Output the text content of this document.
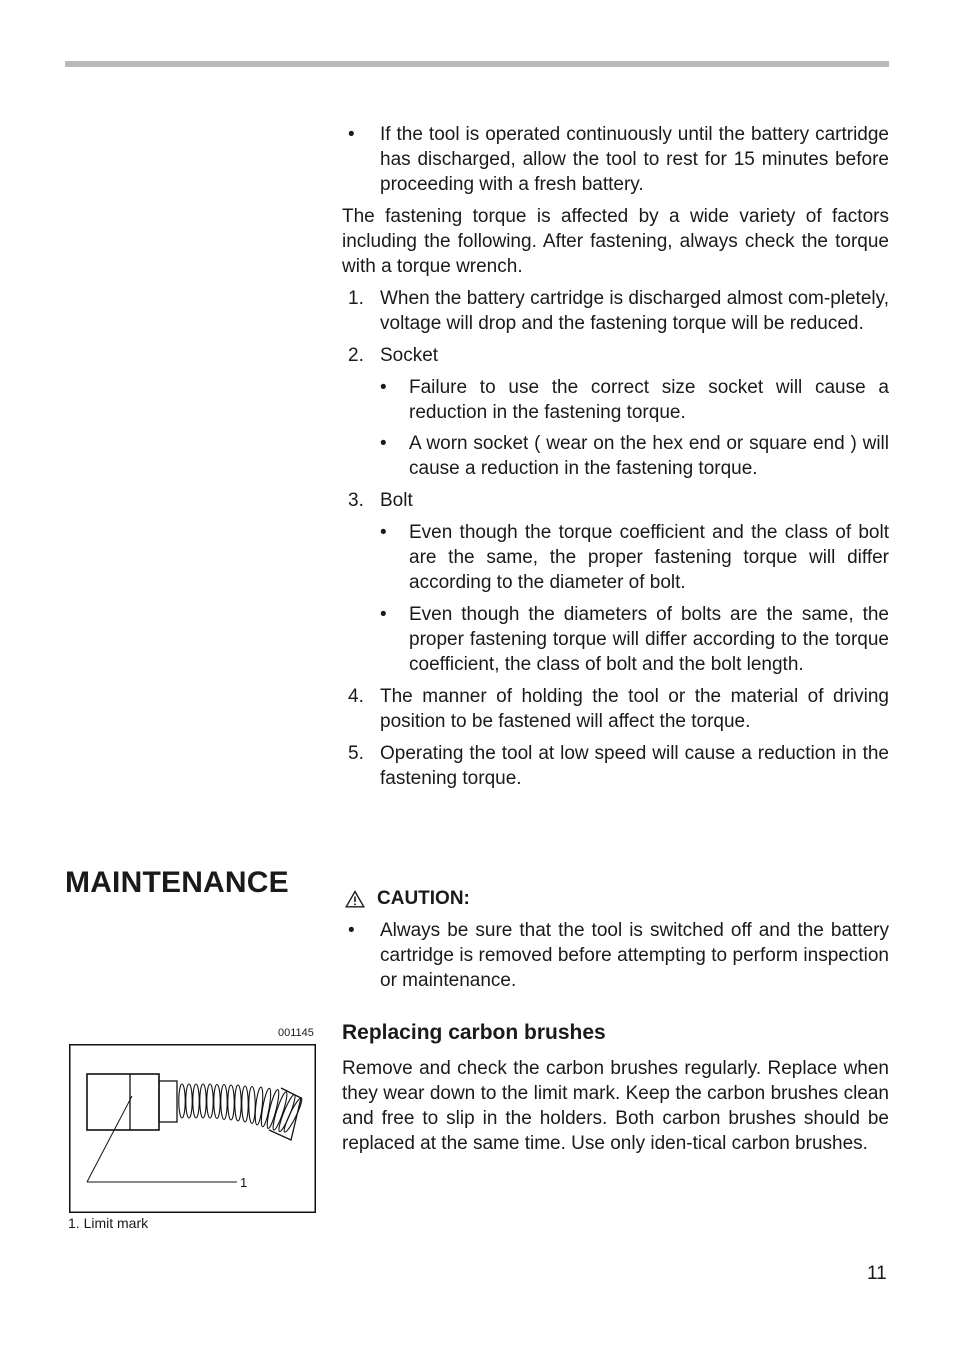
• If the tool is operated continuously until the battery cartridge has discharged, allow the tool to rest for 15 minutes before proceeding with a fresh battery.

The fastening torque is affected by a wide variety of factors including the following. After fastening, always check the torque with a torque wrench.

1. When the battery cartridge is discharged almost com-pletely, voltage will drop and the fastening torque will be reduced.
2. Socket
• Failure to use the correct size socket will cause a reduction in the fastening torque.
• A worn socket ( wear on the hex end or square end ) will cause a reduction in the fastening torque.
3. Bolt
• Even though the torque coefficient and the class of bolt are the same, the proper fastening torque will differ according to the diameter of bolt.
• Even though the diameters of bolts are the same, the proper fastening torque will differ according to the torque coefficient, the class of bolt and the bolt length.
4. The manner of holding the tool or the material of driving position to be fastened will affect the torque.
5. Operating the tool at low speed will cause a reduction in the fastening torque.
MAINTENANCE	CAUTION:
• Always be sure that the tool is switched off and the battery cartridge is removed before attempting to perform inspection or maintenance.
Replacing carbon brushes

Remove and check the carbon brushes regularly. Replace when they wear down to the limit mark. Keep the carbon brushes clean and free to slip in the holders. Both carbon brushes should be replaced at the same time. Use only iden-tical carbon brushes.

001145
1
1. Limit mark
11
